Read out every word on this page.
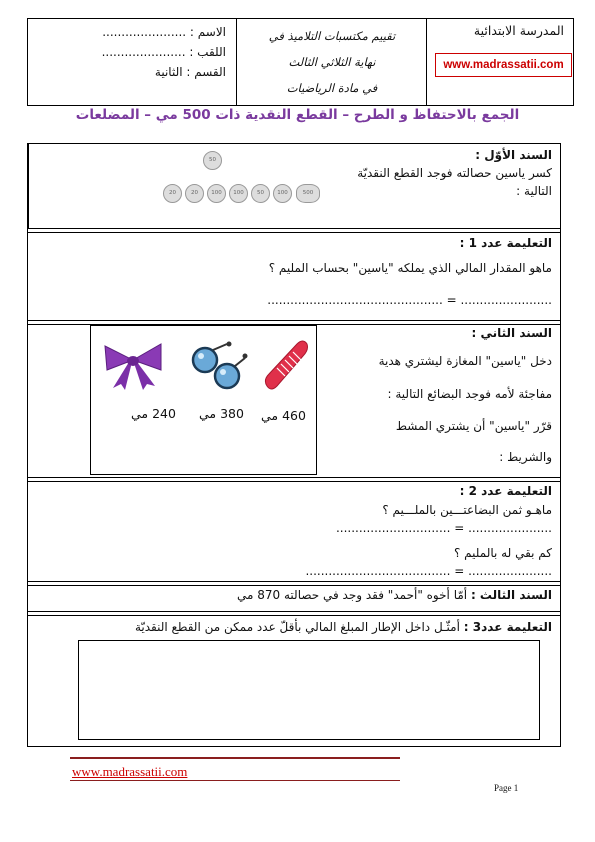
الاسم : ......................
اللقب : ......................
القسم : الثانية
تقييم مكتسبات التلاميذ في
نهاية الثلاثي الثالث
في مادة الرياضيات
المدرسة الابتدائية
www.madrassatii.com
الجمع بالاحتفاظ و الطرح – القطع النقدية ذات 500 مي – المضلعات
السند الأوّل :
كسر ياسين حصالته فوجد القطع النقديّة
التالية :
50
20	20	100	100	50	100	500
التعليمة عدد 1 :
ماهو المقدار المالي الذي يملكه "ياسين" بحساب المليم ؟
........................ = ..............................................
460 مي
380 مي
240 مي
السند الثاني :
دخل "ياسين" المغازة ليشتري هدية
مفاجئة لأمه فوجد البضائع التالية :
قرّر "ياسين" أن يشتري المشط
والشريط :
التعليمة عدد 2 :
ماهـو ثمن البضاعتـــين بالملـــيم ؟
...................... = ..............................
كم بقي له بالمليم ؟
...................... = ......................................
السند الثالث : أمّا أخوه "أحمد" فقد وجد في حصالته 870 مي
التعليمة عدد3 : أمثّـل داخل الإطار المبلغ المالي بأقلّ عدد ممكن من القطع النقديّة
www.madrassatii.com
Page 1
